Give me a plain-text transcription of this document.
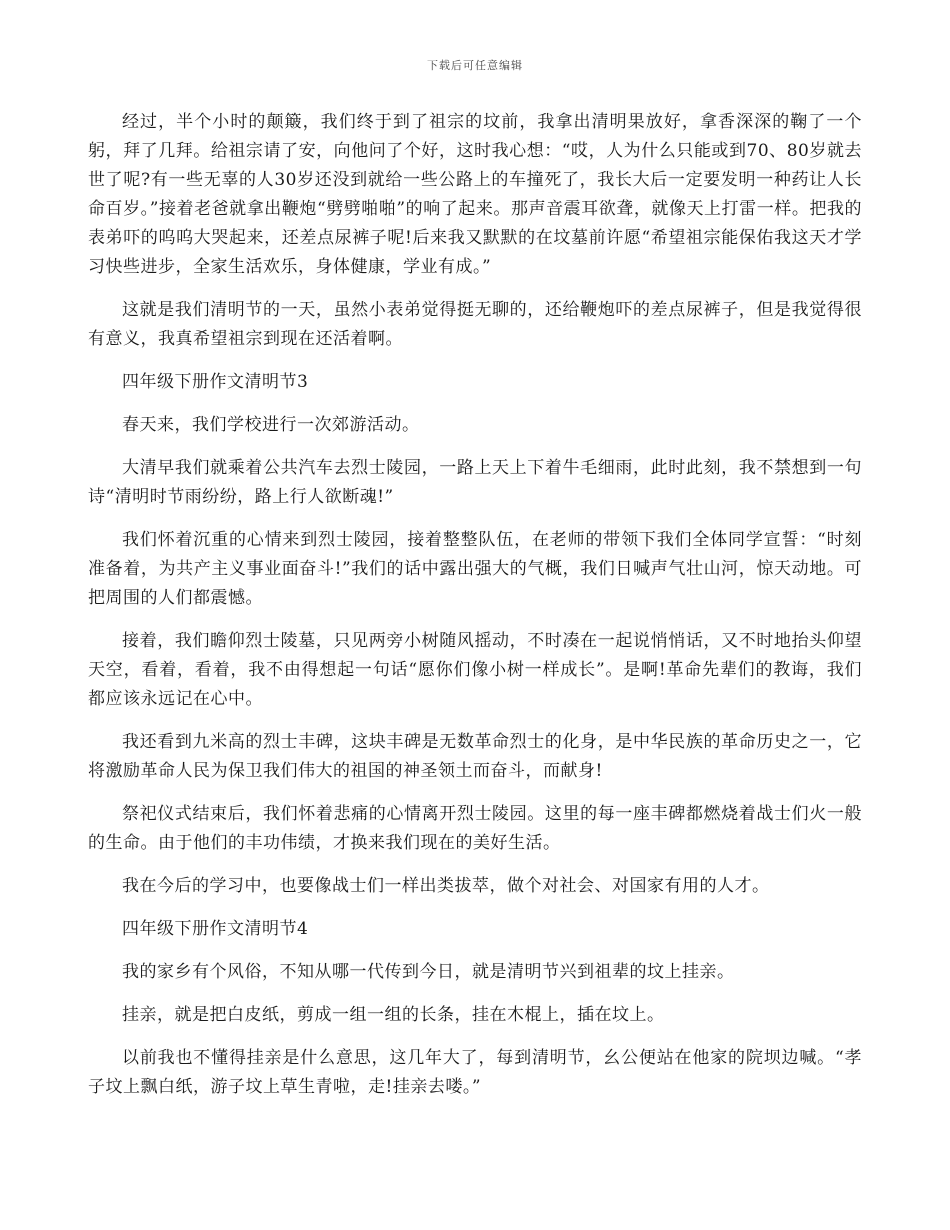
下载后可任意编辑

经过，半个小时的颠簸，我们终于到了祖宗的坟前，我拿出清明果放好，拿香深深的鞠了一个躬，拜了几拜。给祖宗请了安，向他问了个好，这时我心想：“哎，人为什么只能或到70、80岁就去世了呢?有一些无辜的人30岁还没到就给一些公路上的车撞死了，我长大后一定要发明一种药让人长命百岁。”接着老爸就拿出鞭炮“劈劈啪啪”的响了起来。那声音震耳欲聋，就像天上打雷一样。把我的表弟吓的呜呜大哭起来，还差点尿裤子呢!后来我又默默的在坟墓前许愿“希望祖宗能保佑我这天才学习快些进步，全家生活欢乐，身体健康，学业有成。”

这就是我们清明节的一天，虽然小表弟觉得挺无聊的，还给鞭炮吓的差点尿裤子，但是我觉得很有意义，我真希望祖宗到现在还活着啊。

四年级下册作文清明节3

春天来，我们学校进行一次郊游活动。

大清早我们就乘着公共汽车去烈士陵园，一路上天上下着牛毛细雨，此时此刻，我不禁想到一句诗“清明时节雨纷纷，路上行人欲断魂!”

我们怀着沉重的心情来到烈士陵园，接着整整队伍，在老师的带领下我们全体同学宣誓：“时刻准备着，为共产主义事业面奋斗!”我们的话中露出强大的气概，我们日喊声气壮山河，惊天动地。可把周围的人们都震憾。

接着，我们瞻仰烈士陵墓，只见两旁小树随风摇动，不时凑在一起说悄悄话，又不时地抬头仰望天空，看着，看着，我不由得想起一句话“愿你们像小树一样成长”。是啊!革命先辈们的教诲，我们都应该永远记在心中。

我还看到九米高的烈士丰碑，这块丰碑是无数革命烈士的化身，是中华民族的革命历史之一，它将激励革命人民为保卫我们伟大的祖国的神圣领土而奋斗，而献身!

祭祀仪式结束后，我们怀着悲痛的心情离开烈士陵园。这里的每一座丰碑都燃烧着战士们火一般的生命。由于他们的丰功伟绩，才换来我们现在的美好生活。

我在今后的学习中，也要像战士们一样出类拔萃，做个对社会、对国家有用的人才。

四年级下册作文清明节4

我的家乡有个风俗，不知从哪一代传到今日，就是清明节兴到祖辈的坟上挂亲。

挂亲，就是把白皮纸，剪成一组一组的长条，挂在木棍上，插在坟上。

以前我也不懂得挂亲是什么意思，这几年大了，每到清明节，幺公便站在他家的院坝边喊。“孝子坟上飘白纸，游子坟上草生青啦，走!挂亲去喽。”
